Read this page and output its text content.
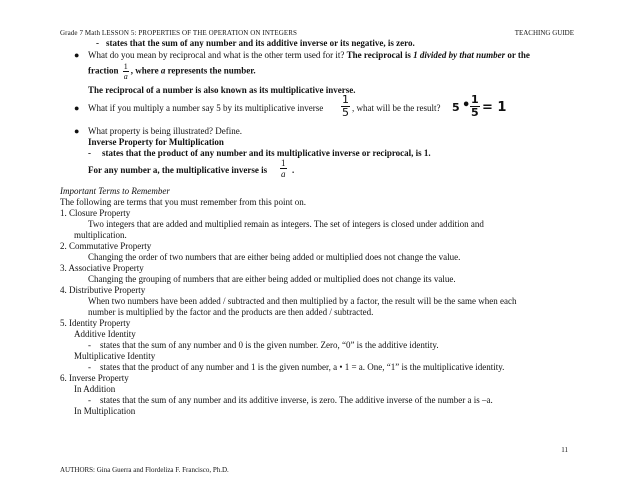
Grade 7 Math LESSON 5: PROPERTIES OF THE OPERATION ON INTEGERS	TEACHING GUIDE
- states that the sum of any number and its additive inverse or its negative, is zero.
● What do you mean by reciprocal and what is the other term used for it? The reciprocal is 1 divided by that number or the
fraction $\frac{1}{a}$ , where a represents the number.
The reciprocal of a number is also known as its multiplicative inverse.
● What if you multiply a number say 5 by its multiplicative inverse $\frac{1}{5}$ , what will be the result? 5 • $\frac{1}{5} = 1$
● What property is being illustrated? Define.
Inverse Property for Multiplication
- states that the product of any number and its multiplicative inverse or reciprocal, is 1.
For any number a, the multiplicative inverse is $\frac{1}{a}$ .
Important Terms to Remember
The following are terms that you must remember from this point on.
1. Closure Property
Two integers that are added and multiplied remain as integers. The set of integers is closed under addition and
multiplication.
2. Commutative Property
Changing the order of two numbers that are either being added or multiplied does not change the value.
3. Associative Property
Changing the grouping of numbers that are either being added or multiplied does not change its value.
4. Distributive Property
When two numbers have been added / subtracted and then multiplied by a factor, the result will be the same when each
number is multiplied by the factor and the products are then added / subtracted.
5. Identity Property
Additive Identity
- states that the sum of any number and 0 is the given number. Zero, “0” is the additive identity.
Multiplicative Identity
- states that the product of any number and 1 is the given number, a • 1 = a. One, “1” is the multiplicative identity.
6. Inverse Property
In Addition
- states that the sum of any number and its additive inverse, is zero. The additive inverse of the number a is –a.
In Multiplication
11
AUTHORS: Gina Guerra and Flordeliza F. Francisco, Ph.D.
